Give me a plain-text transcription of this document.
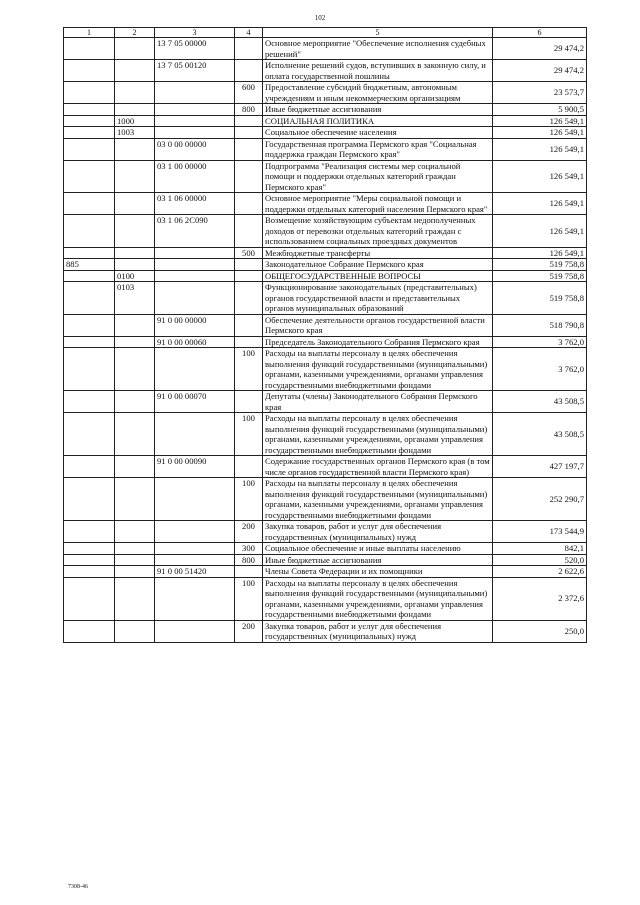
102
1	2	3	4	5	6
		13 7 05 00000		Основное мероприятие "Обеспечение исполнения судебных решений"	29 474,2
		13 7 05 00120		Исполнение решений судов, вступивших в законную силу, и оплата государственной пошлины	29 474,2
			600	Предоставление субсидий бюджетным, автономным учреждениям и иным некоммерческим организациям	23 573,7
			800	Иные бюджетные ассигнования	5 900,5
	1000			СОЦИАЛЬНАЯ ПОЛИТИКА	126 549,1
	1003			Социальное обеспечение населения	126 549,1
		03 0 00 00000		Государственная программа Пермского края "Социальная поддержка граждан Пермского края"	126 549,1
		03 1 00 00000		Подпрограмма "Реализация системы мер социальной помощи и поддержки отдельных категорий граждан Пермского края"	126 549,1
		03 1 06 00000		Основное мероприятие "Меры социальной помощи и поддержки отдельных категорий населения Пермского края"	126 549,1
		03 1 06 2С090		Возмещение хозяйствующим субъектам недополученных доходов от перевозки отдельных категорий граждан с использованием социальных проездных документов	126 549,1
			500	Межбюджетные трансферты	126 549,1
885				Законодательное Собрание Пермского края	519 758,8
	0100			ОБЩЕГОСУДАРСТВЕННЫЕ ВОПРОСЫ	519 758,8
	0103			Функционирование законодательных (представительных) органов государственной власти и представительных органов муниципальных образований	519 758,8
		91 0 00 00000		Обеспечение деятельности органов государственной власти Пермского края	518 790,8
		91 0 00 00060		Председатель Законодательного Собрания Пермского края	3 762,0
			100	Расходы на выплаты персоналу в целях обеспечения выполнения функций государственными (муниципальными) органами, казенными учреждениями, органами управления государственными внебюджетными фондами	3 762,0
		91 0 00 00070		Депутаты (члены) Законодательного Собрания Пермского края	43 508,5
			100	Расходы на выплаты персоналу в целях обеспечения выполнения функций государственными (муниципальными) органами, казенными учреждениями, органами управления государственными внебюджетными фондами	43 508,5
		91 0 00 00090		Содержание государственных органов Пермского края (в том числе органов государственной власти Пермского края)	427 197,7
			100	Расходы на выплаты персоналу в целях обеспечения выполнения функций государственными (муниципальными) органами, казенными учреждениями, органами управления государственными внебюджетными фондами	252 290,7
			200	Закупка товаров, работ и услуг для обеспечения государственных (муниципальных) нужд	173 544,9
			300	Социальное обеспечение и иные выплаты населению	842,1
			800	Иные бюджетные ассигнования	520,0
		91 0 00 51420		Члены Совета Федерации и их помощники	2 622,6
			100	Расходы на выплаты персоналу в целях обеспечения выполнения функций государственными (муниципальными) органами, казенными учреждениями, органами управления государственными внебюджетными фондами	2 372,6
			200	Закупка товаров, работ и услуг для обеспечения государственных (муниципальных) нужд	250,0
7308-46
